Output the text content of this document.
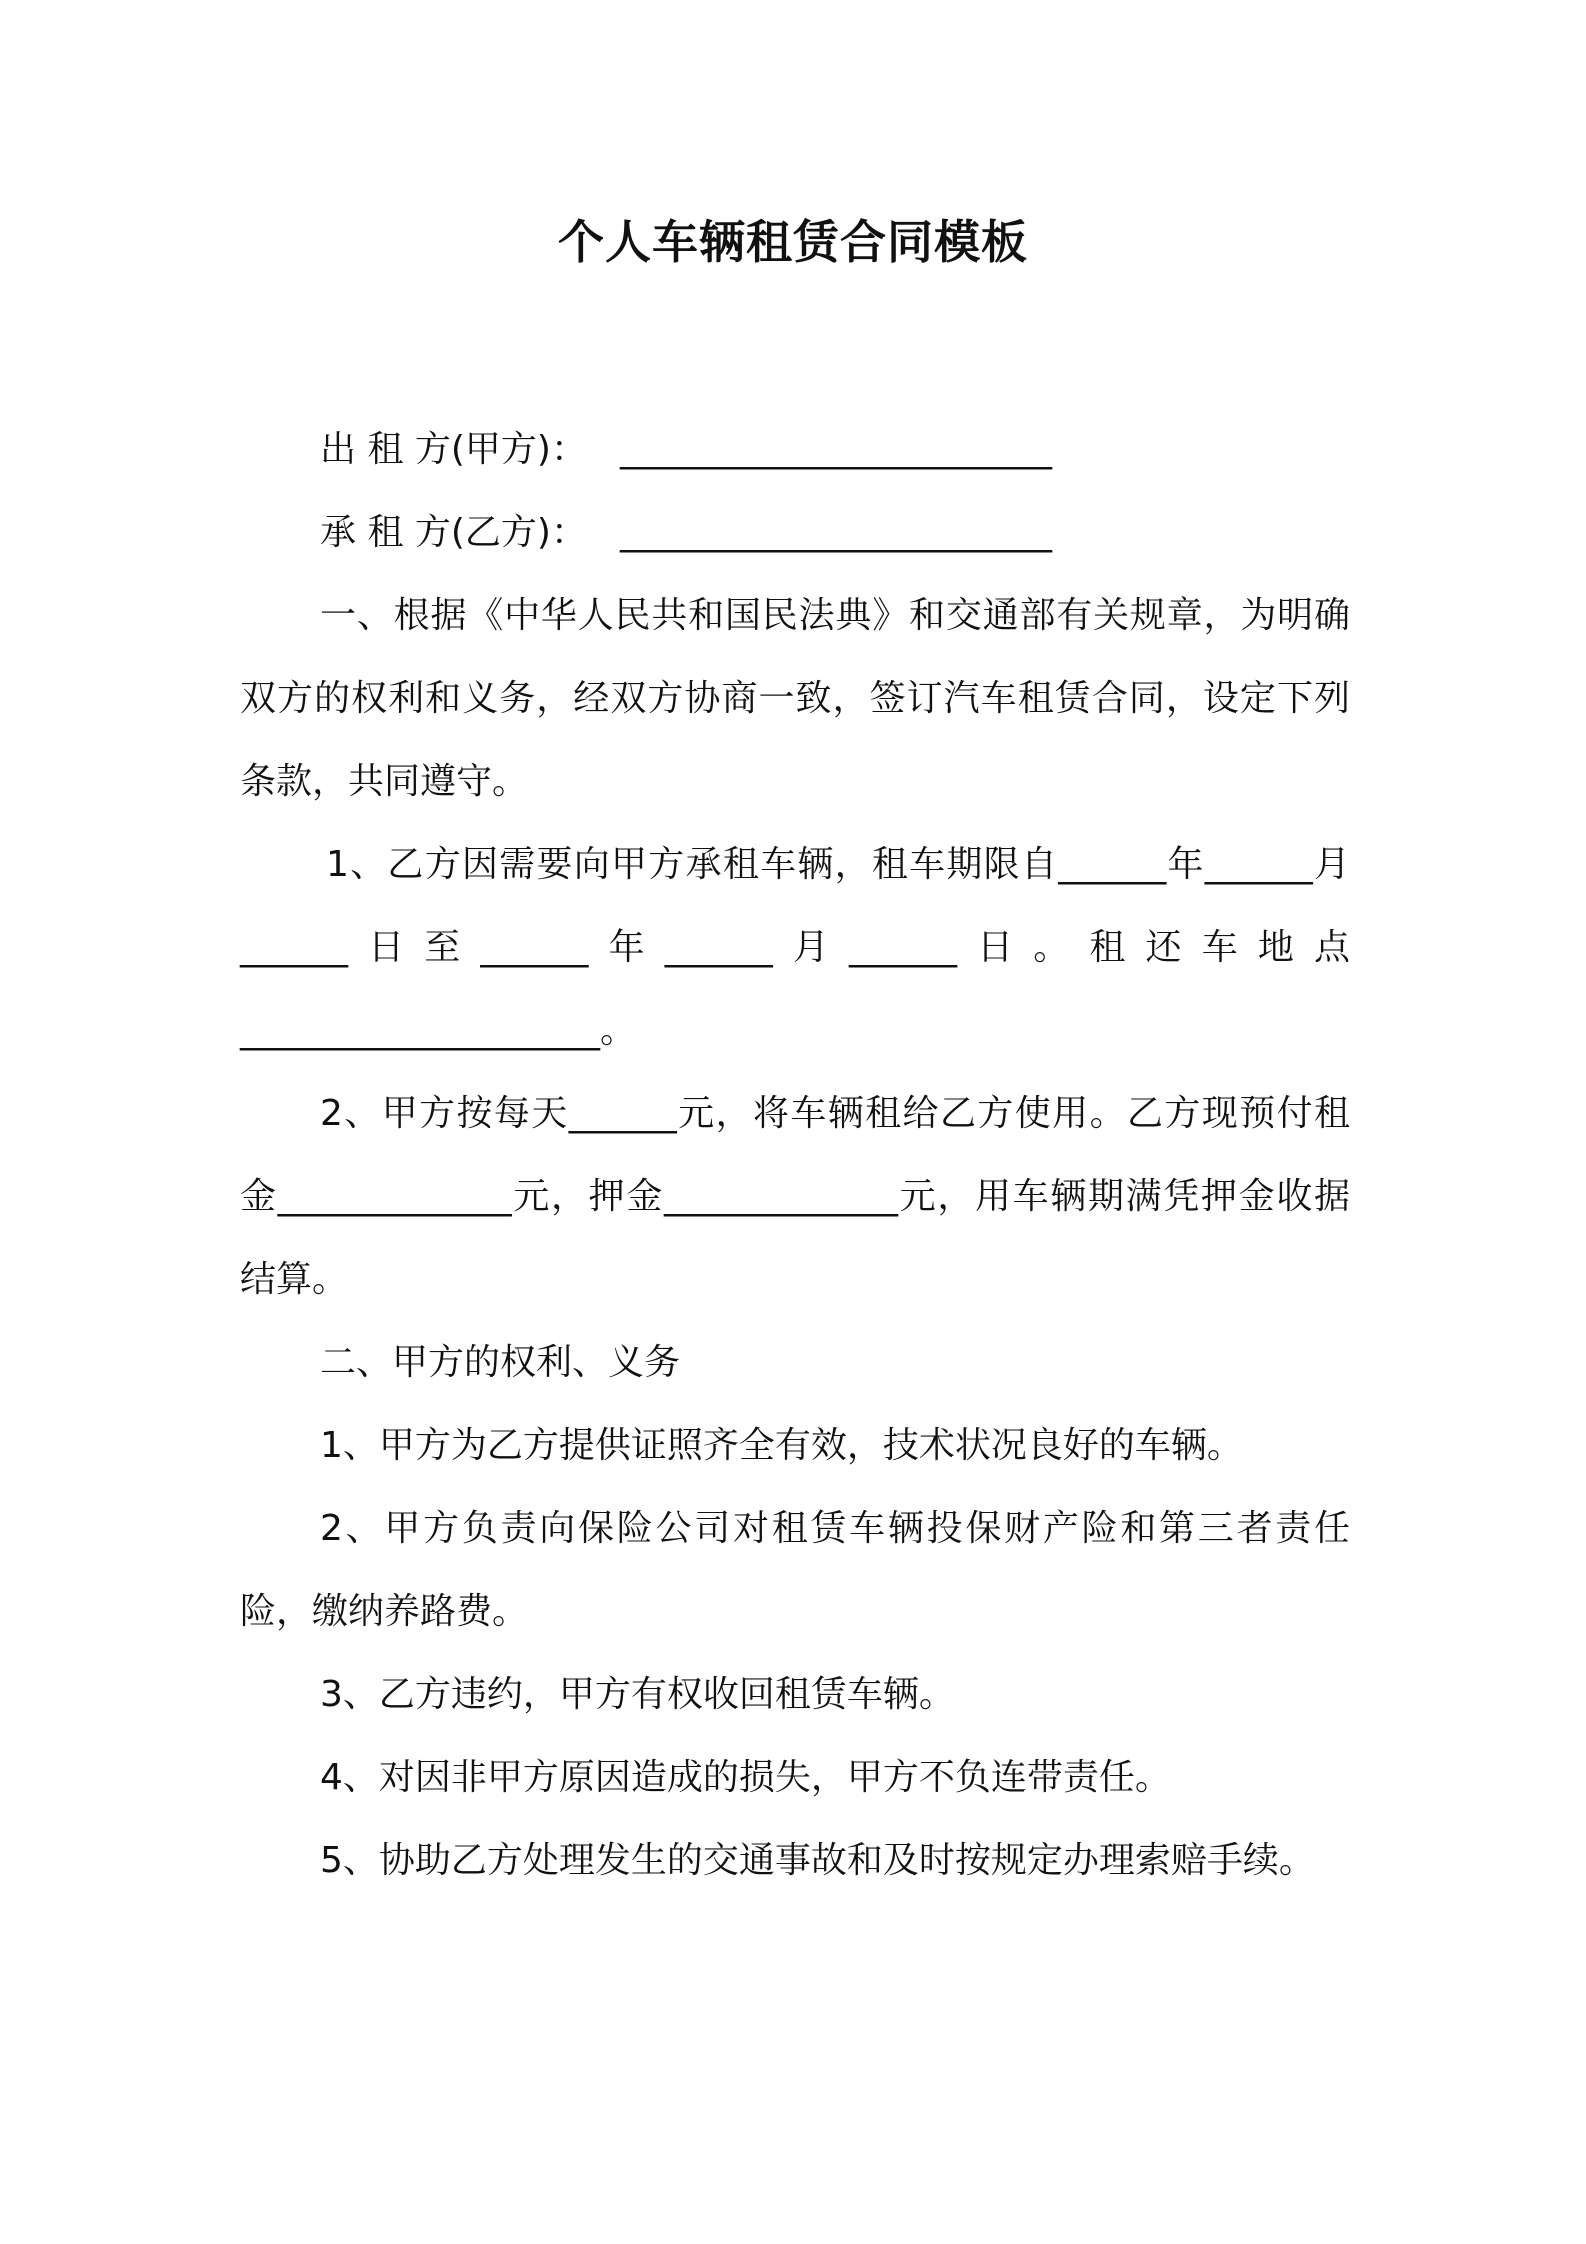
个人车辆租赁合同模板
出 租 方(甲方)： ________________________
承 租 方(乙方)： ________________________

一、根据《中华人民共和国民法典》和交通部有关规章，为明确双方的权利和义务，经双方协商一致，签订汽车租赁合同，设定下列条款，共同遵守。

1、乙方因需要向甲方承租车辆，租车期限自______年______月______日至______年______月______日。租还车地点____________________。

2、甲方按每天______元，将车辆租给乙方使用。乙方现预付租金_____________元，押金_____________元，用车辆期满凭押金收据结算。

二、甲方的权利、义务

1、甲方为乙方提供证照齐全有效，技术状况良好的车辆。

2、甲方负责向保险公司对租赁车辆投保财产险和第三者责任险，缴纳养路费。

3、乙方违约，甲方有权收回租赁车辆。

4、对因非甲方原因造成的损失，甲方不负连带责任。

5、协助乙方处理发生的交通事故和及时按规定办理索赔手续。
